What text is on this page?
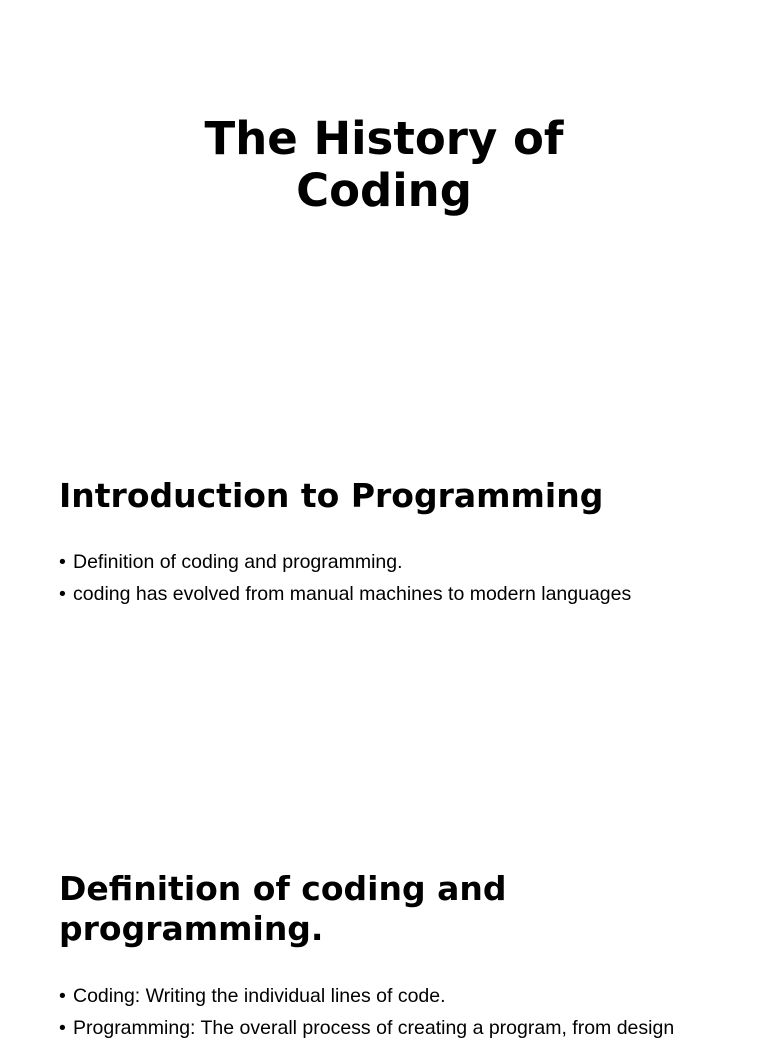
The History of
Coding
Introduction to Programming
• Definition of coding and programming.
• coding has evolved from manual machines to modern languages
Definition of coding and programming.
• Coding: Writing the individual lines of code.
• Programming: The overall process of creating a program, from design
